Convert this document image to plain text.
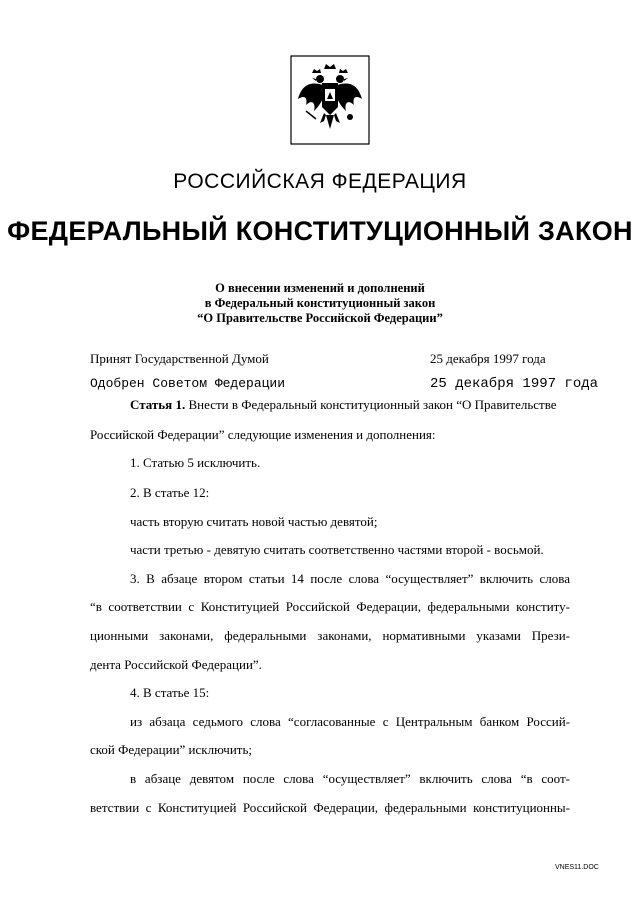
РОССИЙСКАЯ ФЕДЕРАЦИЯ
ФЕДЕРАЛЬНЫЙ КОНСТИТУЦИОННЫЙ ЗАКОН
О внесении изменений и дополнений
в Федеральный конституционный закон
“О Правительстве Российской Федерации”
Принят Государственной Думой	25 декабря 1997 года
Одобрен Советом Федерации	25 декабря 1997 года
Статья 1. Внести в Федеральный конституционный закон “О Правительстве
Российской Федерации” следующие изменения и дополнения:
1. Статью 5 исключить.
2. В статье 12:
часть вторую считать новой частью девятой;
части третью - девятую считать соответственно частями второй - восьмой.
3. В абзаце втором статьи 14 после слова “осуществляет” включить слова
“в соответствии с Конституцией Российской Федерации, федеральными конститу-
ционными законами, федеральными законами, нормативными указами Прези-
дента Российской Федерации”.
4. В статье 15:
из абзаца седьмого слова “согласованные с Центральным банком Россий-
ской Федерации” исключить;
в абзаце девятом после слова “осуществляет” включить слова “в соот-
ветствии с Конституцией Российской Федерации, федеральными конституционны-
VNES11.DOC
